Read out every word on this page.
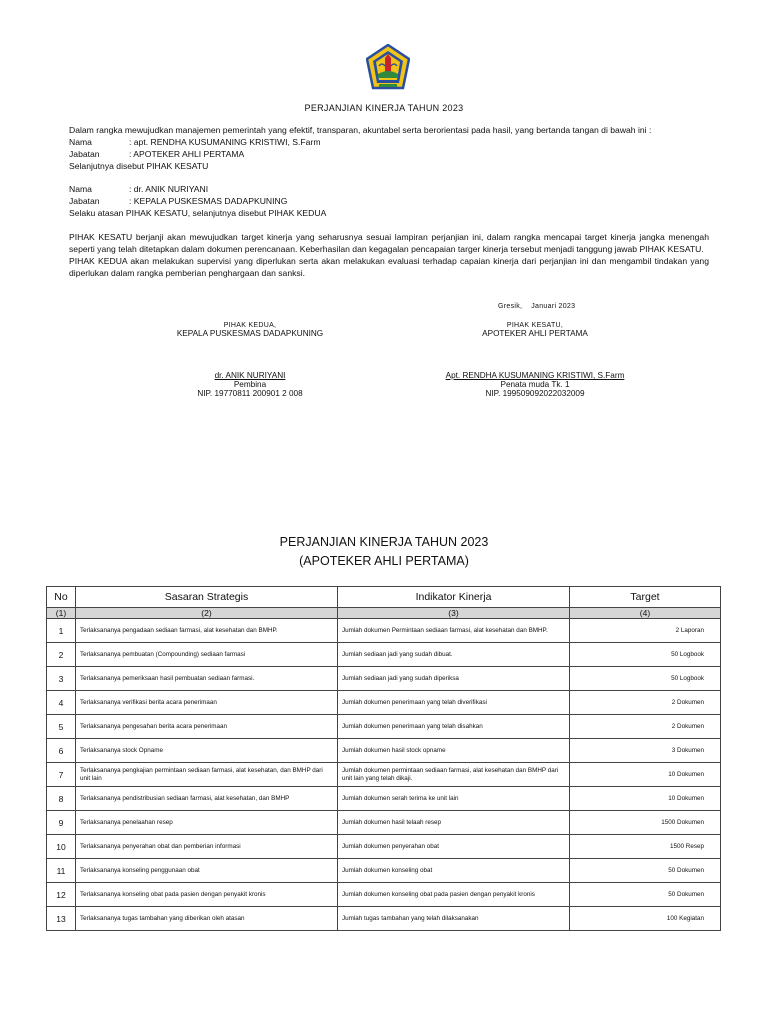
PERJANJIAN KINERJA TAHUN 2023
Dalam rangka mewujudkan manajemen pemerintah yang efektif, transparan, akuntabel serta berorientasi pada hasil, yang bertanda tangan di bawah ini :
Nama	: apt. RENDHA KUSUMANING KRISTIWI, S.Farm
Jabatan	: APOTEKER AHLI PERTAMA
Selanjutnya disebut PIHAK KESATU
Nama	: dr. ANIK NURIYANI
Jabatan	: KEPALA PUSKESMAS DADAPKUNING
Selaku atasan PIHAK KESATU, selanjutnya disebut PIHAK KEDUA
PIHAK KESATU berjanji akan mewujudkan target kinerja yang seharusnya sesuai lampiran perjanjian ini, dalam rangka mencapai target kinerja jangka menengah seperti yang telah ditetapkan dalam dokumen perencanaan. Keberhasilan dan kegagalan pencapaian targer kinerja tersebut menjadi tanggung jawab PIHAK KESATU.
PIHAK KEDUA akan melakukan supervisi yang diperlukan serta akan melakukan evaluasi terhadap capaian kinerja dari perjanjian ini dan mengambil tindakan yang diperlukan dalam rangka pemberian penghargaan dan sanksi.
Gresik,    Januari 2023
PIHAK KEDUA,
KEPALA PUSKESMAS DADAPKUNING
dr. ANIK NURIYANI
Pembina
NIP. 19770811 200901 2 008
PIHAK KESATU,
APOTEKER AHLI PERTAMA
Apt. RENDHA KUSUMANING KRISTIWI, S.Farm
Penata muda Tk. 1
NIP. 199509092022032009
PERJANJIAN KINERJA TAHUN 2023
(APOTEKER AHLI PERTAMA)
No	Sasaran Strategis	Indikator Kinerja	Target
(1)	(2)	(3)	(4)
1	Terlaksananya pengadaan sediaan farmasi, alat kesehatan dan BMHP.	Jumlah dokumen Permintaan sediaan farmasi, alat kesehatan dan BMHP.	2 Laporan
2	Terlaksananya pembuatan (Compounding) sediaan farmasi	Jumlah sediaan jadi yang sudah dibuat.	50 Logbook
3	Terlaksananya pemeriksaan hasil pembuatan sediaan farmasi.	Jumlah sediaan jadi yang sudah diperiksa	50 Logbook
4	Terlaksananya verifikasi berita acara penerimaan	Jumlah dokumen penerimaan yang telah diverifikasi	2 Dokumen
5	Terlaksananya pengesahan berita acara penerimaan	Jumlah dokumen penerimaan yang telah disahkan	2 Dokumen
6	Terlaksananya stock Opname	Jumlah dokumen hasil stock opname	3 Dokumen
7	Terlaksananya pengkajian permintaan sediaan farmasi, alat kesehatan, dan BMHP dari unit lain	Jumlah dokumen permintaan sediaan farmasi, alat kesehatan dan BMHP dari unit lain yang telah dikaji.	10 Dokumen
8	Terlaksananya pendistribusian sediaan farmasi, alat kesehatan, dan BMHP	Jumlah dokumen serah terima ke unit lain	10 Dokumen
9	Terlaksananya penelaahan resep	Jumlah dokumen hasil telaah resep	1500 Dokumen
10	Terlaksananya penyerahan obat dan pemberian informasi	Jumlah dokumen penyerahan obat	1500 Resep
11	Terlaksananya konseling penggunaan obat	Jumlah dokumen konseling obat	50 Dokumen
12	Terlaksananya konseling obat pada pasien dengan penyakit kronis	Jumlah dokumen konseling obat pada pasien dengan penyakit kronis	50 Dokumen
13	Terlaksananya tugas tambahan yang diberikan oleh atasan	Jumlah tugas tambahan yang telah dilaksanakan	100 Kegiatan
